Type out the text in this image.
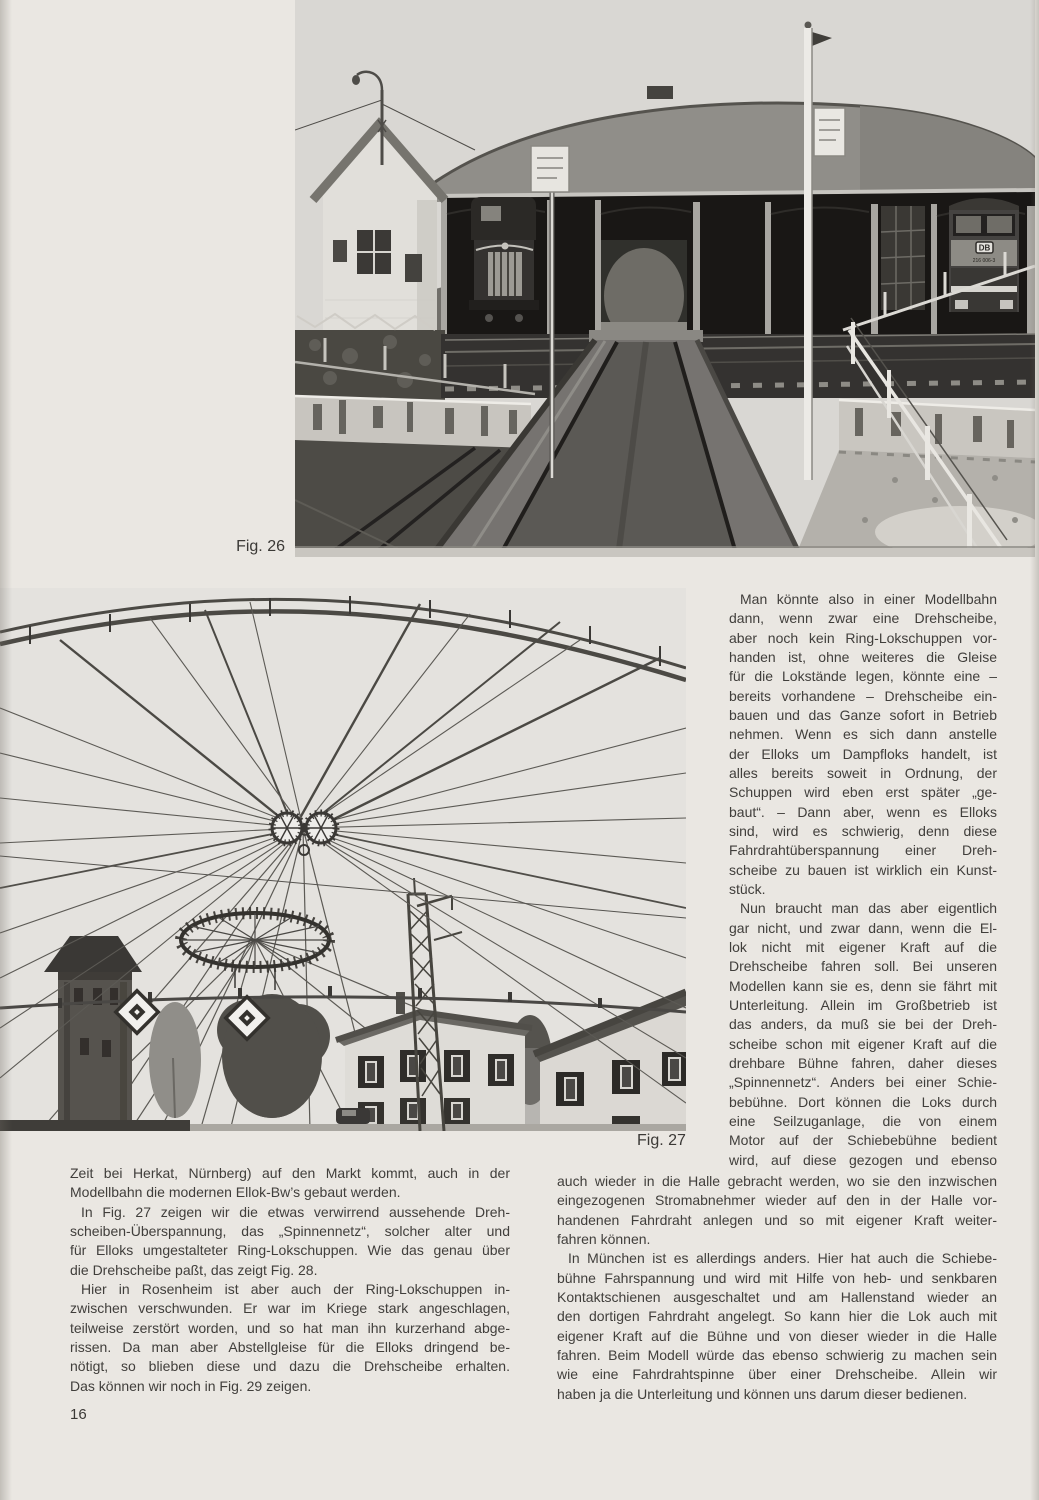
DB
216 006-3
Fig. 26
Fig. 27
Man könnte also in einer Modellbahn
dann, wenn zwar eine Drehscheibe,
aber noch kein Ring-Lokschuppen vor-
handen ist, ohne weiteres die Gleise
für die Lokstände legen, könnte eine –
bereits vorhandene – Drehscheibe ein-
bauen und das Ganze sofort in Betrieb
nehmen. Wenn es sich dann anstelle
der Elloks um Dampfloks handelt, ist
alles bereits soweit in Ordnung, der
Schuppen wird eben erst später „ge-
baut“. – Dann aber, wenn es Elloks
sind, wird es schwierig, denn diese
Fahrdrahtüberspannung einer Dreh-
scheibe zu bauen ist wirklich ein Kunst-
stück.
Nun braucht man das aber eigentlich
gar nicht, und zwar dann, wenn die El-
lok nicht mit eigener Kraft auf die
Drehscheibe fahren soll. Bei unseren
Modellen kann sie es, denn sie fährt mit
Unterleitung. Allein im Großbetrieb ist
das anders, da muß sie bei der Dreh-
scheibe schon mit eigener Kraft auf die
drehbare Bühne fahren, daher dieses
„Spinnennetz“. Anders bei einer Schie-
bebühne. Dort können die Loks durch
eine Seilzuganlage, die von einem
Motor auf der Schiebebühne bedient
wird, auf diese gezogen und ebenso
Zeit bei Herkat, Nürnberg) auf den Markt kommt, auch in der
Modellbahn die modernen Ellok-Bw’s gebaut werden.
In Fig. 27 zeigen wir die etwas verwirrend aussehende Dreh-
scheiben-Überspannung, das „Spinnennetz“, solcher alter und
für Elloks umgestalteter Ring-Lokschuppen. Wie das genau über
die Drehscheibe paßt, das zeigt Fig. 28.
Hier in Rosenheim ist aber auch der Ring-Lokschuppen in-
zwischen verschwunden. Er war im Kriege stark angeschlagen,
teilweise zerstört worden, und so hat man ihn kurzerhand abge-
rissen. Da man aber Abstellgleise für die Elloks dringend be-
nötigt, so blieben diese und dazu die Drehscheibe erhalten.
Das können wir noch in Fig. 29 zeigen.
auch wieder in die Halle gebracht werden, wo sie den inzwischen
eingezogenen Stromabnehmer wieder auf den in der Halle vor-
handenen Fahrdraht anlegen und so mit eigener Kraft weiter-
fahren können.
In München ist es allerdings anders. Hier hat auch die Schiebe-
bühne Fahrspannung und wird mit Hilfe von heb- und senkbaren
Kontaktschienen ausgeschaltet und am Hallenstand wieder an
den dortigen Fahrdraht angelegt. So kann hier die Lok auch mit
eigener Kraft auf die Bühne und von dieser wieder in die Halle
fahren. Beim Modell würde das ebenso schwierig zu machen sein
wie eine Fahrdrahtspinne über einer Drehscheibe. Allein wir
haben ja die Unterleitung und können uns darum dieser bedienen.
16
